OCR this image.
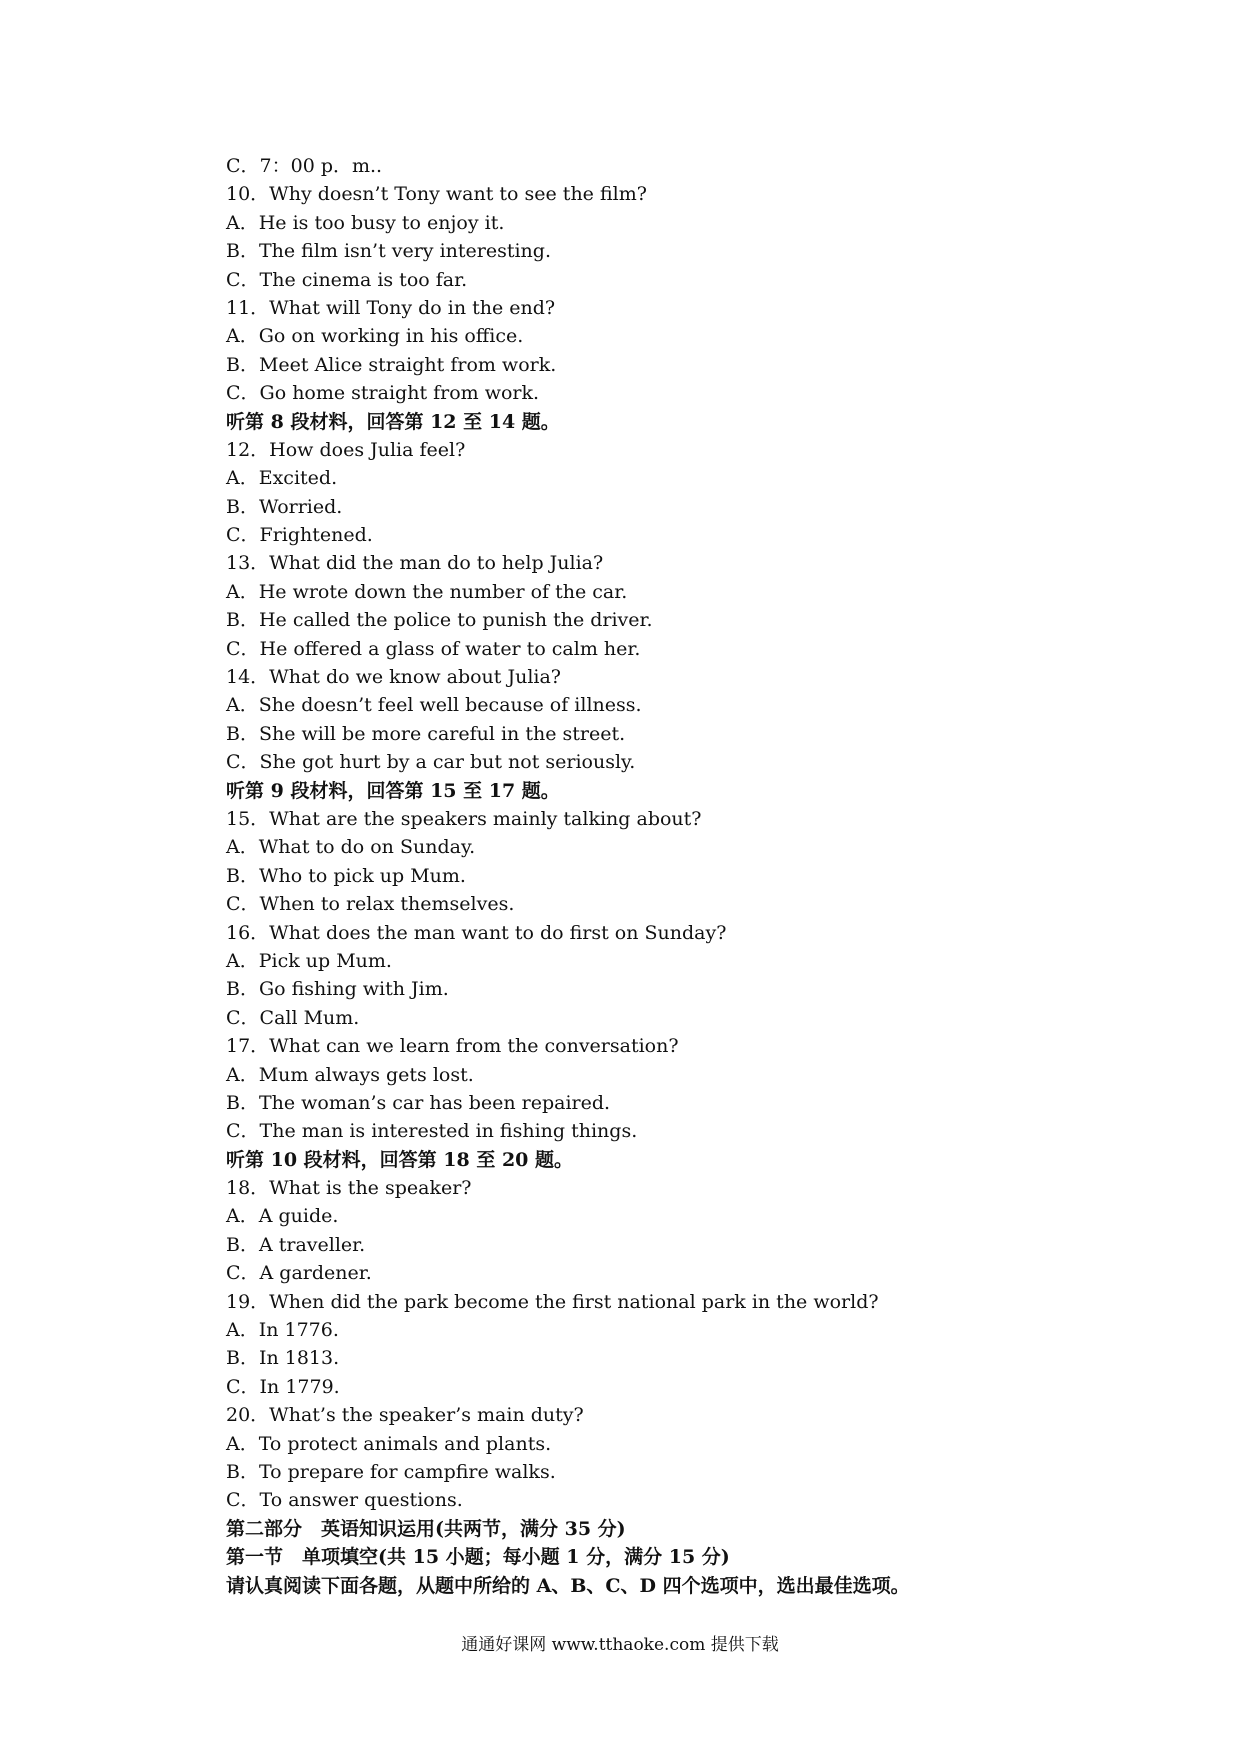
C．7：00 p．m..
10．Why doesn’t Tony want to see the film?
A．He is too busy to enjoy it.
B．The film isn’t very interesting.
C．The cinema is too far.
11．What will Tony do in the end?
A．Go on working in his office.
B．Meet Alice straight from work.
C．Go home straight from work.
听第 8 段材料，回答第 12 至 14 题。
12．How does Julia feel?
A．Excited.
B．Worried.
C．Frightened.
13．What did the man do to help Julia?
A．He wrote down the number of the car.
B．He called the police to punish the driver.
C．He offered a glass of water to calm her.
14．What do we know about Julia?
A．She doesn’t feel well because of illness.
B．She will be more careful in the street.
C．She got hurt by a car but not seriously.
听第 9 段材料，回答第 15 至 17 题。
15．What are the speakers mainly talking about?
A．What to do on Sunday.
B．Who to pick up Mum.
C．When to relax themselves.
16．What does the man want to do first on Sunday?
A．Pick up Mum.
B．Go fishing with Jim.
C．Call Mum.
17．What can we learn from the conversation?
A．Mum always gets lost.
B．The woman’s car has been repaired.
C．The man is interested in fishing things.
听第 10 段材料，回答第 18 至 20 题。
18．What is the speaker?
A．A guide.
B．A traveller.
C．A gardener.
19．When did the park become the first national park in the world?
A．In 1776.
B．In 1813.
C．In 1779.
20．What’s the speaker’s main duty?
A．To protect animals and plants.
B．To prepare for campfire walks.
C．To answer questions.
第二部分　英语知识运用(共两节，满分 35 分)
第一节　单项填空(共 15 小题；每小题 1 分，满分 15 分)
请认真阅读下面各题，从题中所给的 A、B、C、D 四个选项中，选出最佳选项。
通通好课网 www.tthaoke.com 提供下载
